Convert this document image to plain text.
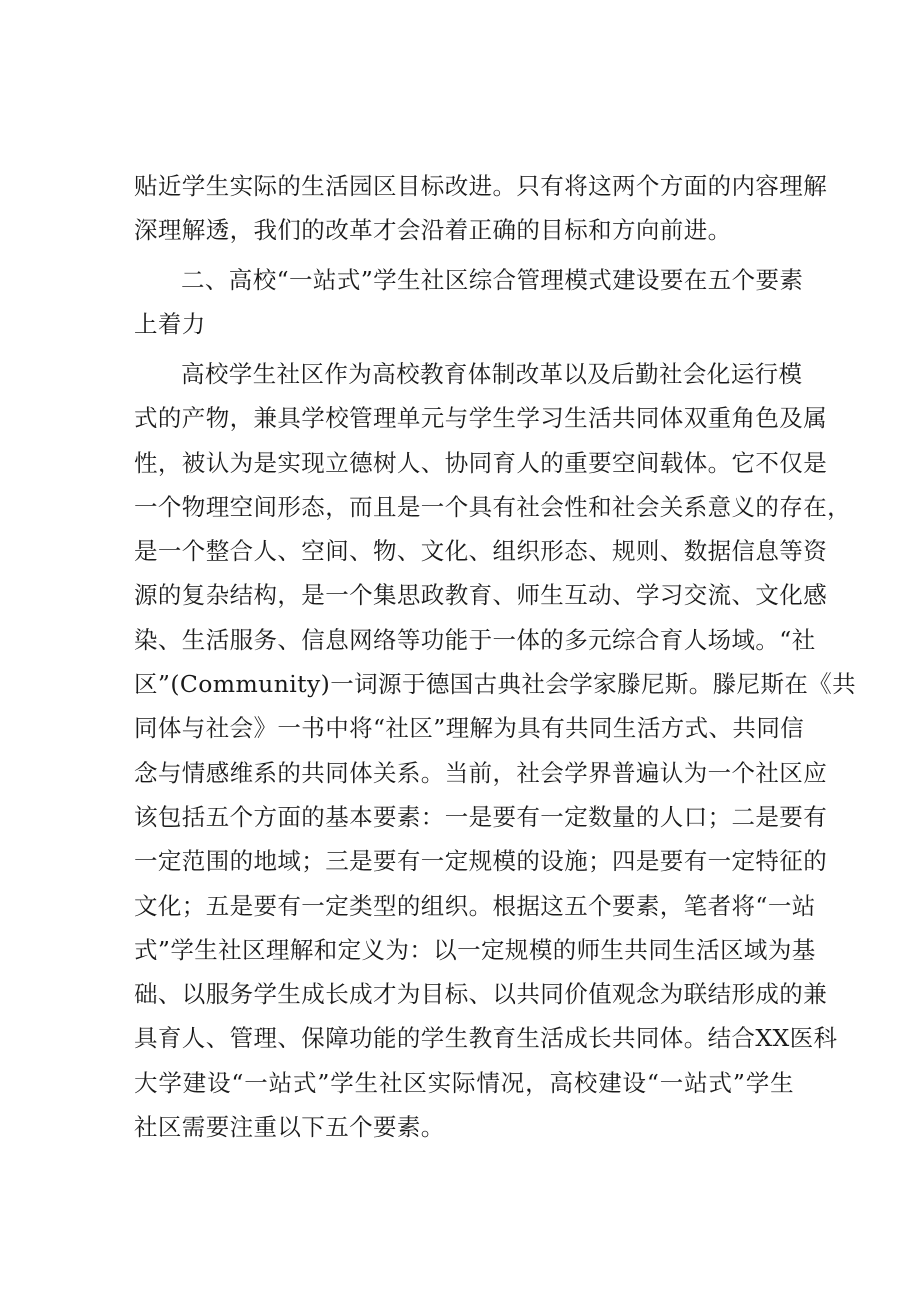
贴近学生实际的生活园区目标改进。只有将这两个方面的内容理解
深理解透，我们的改革才会沿着正确的目标和方向前进。
二、高校“一站式”学生社区综合管理模式建设要在五个要素
上着力
高校学生社区作为高校教育体制改革以及后勤社会化运行模
式的产物，兼具学校管理单元与学生学习生活共同体双重角色及属
性，被认为是实现立德树人、协同育人的重要空间载体。它不仅是
一个物理空间形态，而且是一个具有社会性和社会关系意义的存在，
是一个整合人、空间、物、文化、组织形态、规则、数据信息等资
源的复杂结构，是一个集思政教育、师生互动、学习交流、文化感
染、生活服务、信息网络等功能于一体的多元综合育人场域。“社
区”(Community)一词源于德国古典社会学家滕尼斯。滕尼斯在《共
同体与社会》一书中将“社区”理解为具有共同生活方式、共同信
念与情感维系的共同体关系。当前，社会学界普遍认为一个社区应
该包括五个方面的基本要素：一是要有一定数量的人口；二是要有
一定范围的地域；三是要有一定规模的设施；四是要有一定特征的
文化；五是要有一定类型的组织。根据这五个要素，笔者将“一站
式”学生社区理解和定义为：以一定规模的师生共同生活区域为基
础、以服务学生成长成才为目标、以共同价值观念为联结形成的兼
具育人、管理、保障功能的学生教育生活成长共同体。结合XX医科
大学建设“一站式”学生社区实际情况，高校建设“一站式”学生
社区需要注重以下五个要素。
